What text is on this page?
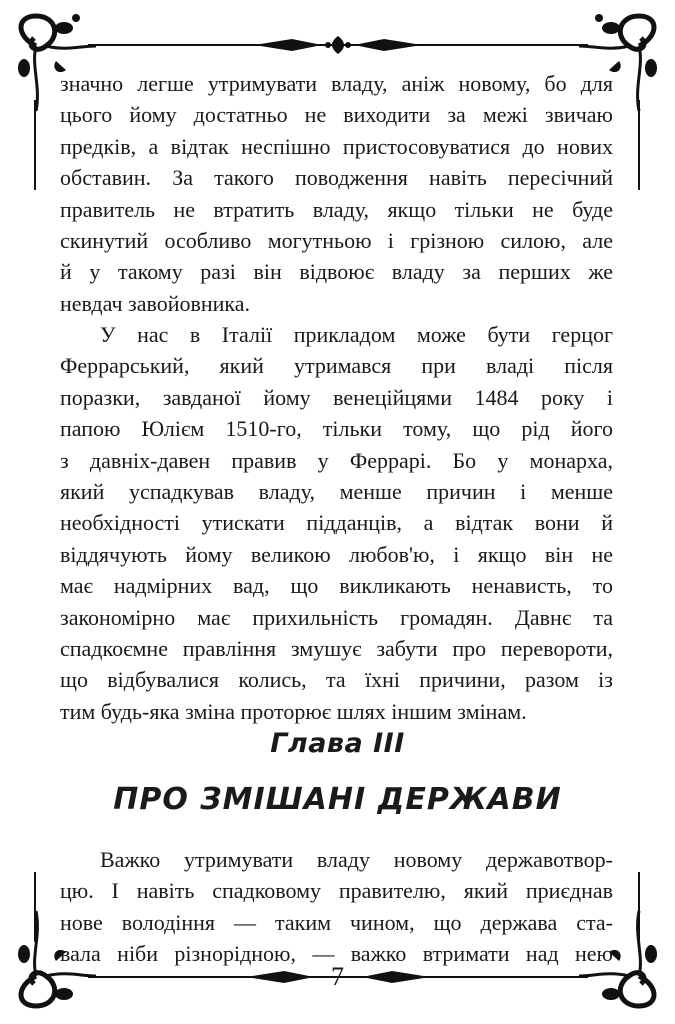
значно легше утримувати владу, аніж новому, бо для
цього йому достатньо не виходити за межі звичаю
предків, а відтак неспішно пристосовуватися до нових
обставин. За такого поводження навіть пересічний
правитель не втратить владу, якщо тільки не буде
скинутий особливо могутньою і грізною силою, але
й у такому разі він відвоює владу за перших же
невдач завойовника.
У нас в Італії прикладом може бути герцог
Феррарський, який утримався при владі після
поразки, завданої йому венеційцями 1484 року і
папою Юлієм 1510-го, тільки тому, що рід його
з давніх-давен правив у Феррарі. Бо у монарха,
який успадкував владу, менше причин і менше
необхідності утискати підданців, а відтак вони й
віддячують йому великою любов'ю, і якщо він не
має надмірних вад, що викликають ненависть, то
закономірно має прихильність громадян. Давнє та
спадкоємне правління змушує забути про перевороти,
що відбувалися колись, та їхні причини, разом із
тим будь-яка зміна проторює шлях іншим змінам.
Глава III
ПРО ЗМІШАНІ ДЕРЖАВИ
Важко утримувати владу новому державотвор-
цю. І навіть спадковому правителю, який приєднав
нове володіння — таким чином, що держава ста-
вала ніби різнорідною, — важко втримати над нею
7
